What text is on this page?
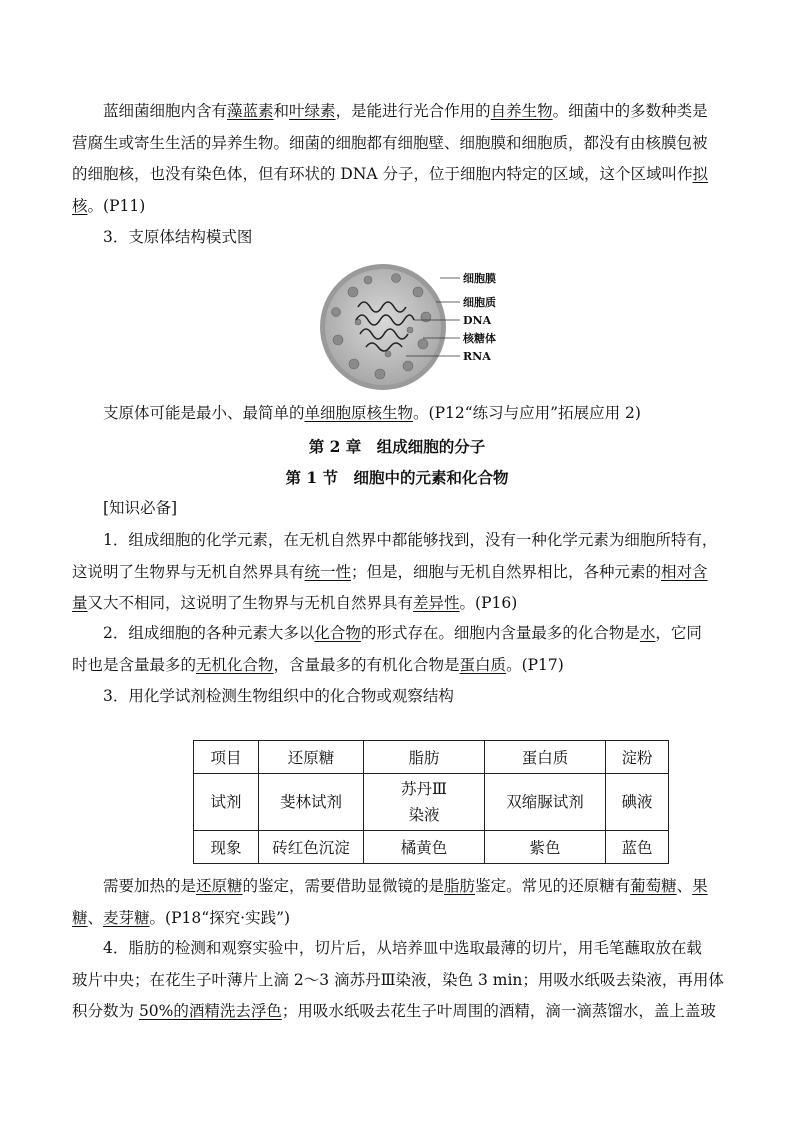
蓝细菌细胞内含有藻蓝素和叶绿素，是能进行光合作用的自养生物。细菌中的多数种类是
营腐生或寄生生活的异养生物。细菌的细胞都有细胞壁、细胞膜和细胞质，都没有由核膜包被
的细胞核，也没有染色体，但有环状的 DNA 分子，位于细胞内特定的区域，这个区域叫作拟
核。(P11)

3．支原体结构模式图

细胞膜
细胞质
DNA
核糖体
RNA

支原体可能是最小、最简单的单细胞原核生物。(P12“练习与应用”拓展应用 2)

第 2 章　组成细胞的分子
第 1 节　细胞中的元素和化合物

[知识必备]

1．组成细胞的化学元素，在无机自然界中都能够找到，没有一种化学元素为细胞所特有，
这说明了生物界与无机自然界具有统一性；但是，细胞与无机自然界相比，各种元素的相对含
量又大不相同，这说明了生物界与无机自然界具有差异性。(P16)

2．组成细胞的各种元素大多以化合物的形式存在。细胞内含量最多的化合物是水，它同
时也是含量最多的无机化合物，含量最多的有机化合物是蛋白质。(P17)

3．用化学试剂检测生物组织中的化合物或观察结构

项目	还原糖	脂肪	蛋白质	淀粉
试剂	斐林试剂	苏丹Ⅲ
染液	双缩脲试剂	碘液
现象	砖红色沉淀	橘黄色	紫色	蓝色

需要加热的是还原糖的鉴定，需要借助显微镜的是脂肪鉴定。常见的还原糖有葡萄糖、果
糖、麦芽糖。(P18“探究·实践”)

4．脂肪的检测和观察实验中，切片后，从培养皿中选取最薄的切片，用毛笔蘸取放在载
玻片中央；在花生子叶薄片上滴 2～3 滴苏丹Ⅲ染液，染色 3 min；用吸水纸吸去染液，再用体
积分数为 50%的酒精洗去浮色；用吸水纸吸去花生子叶周围的酒精，滴一滴蒸馏水，盖上盖玻
